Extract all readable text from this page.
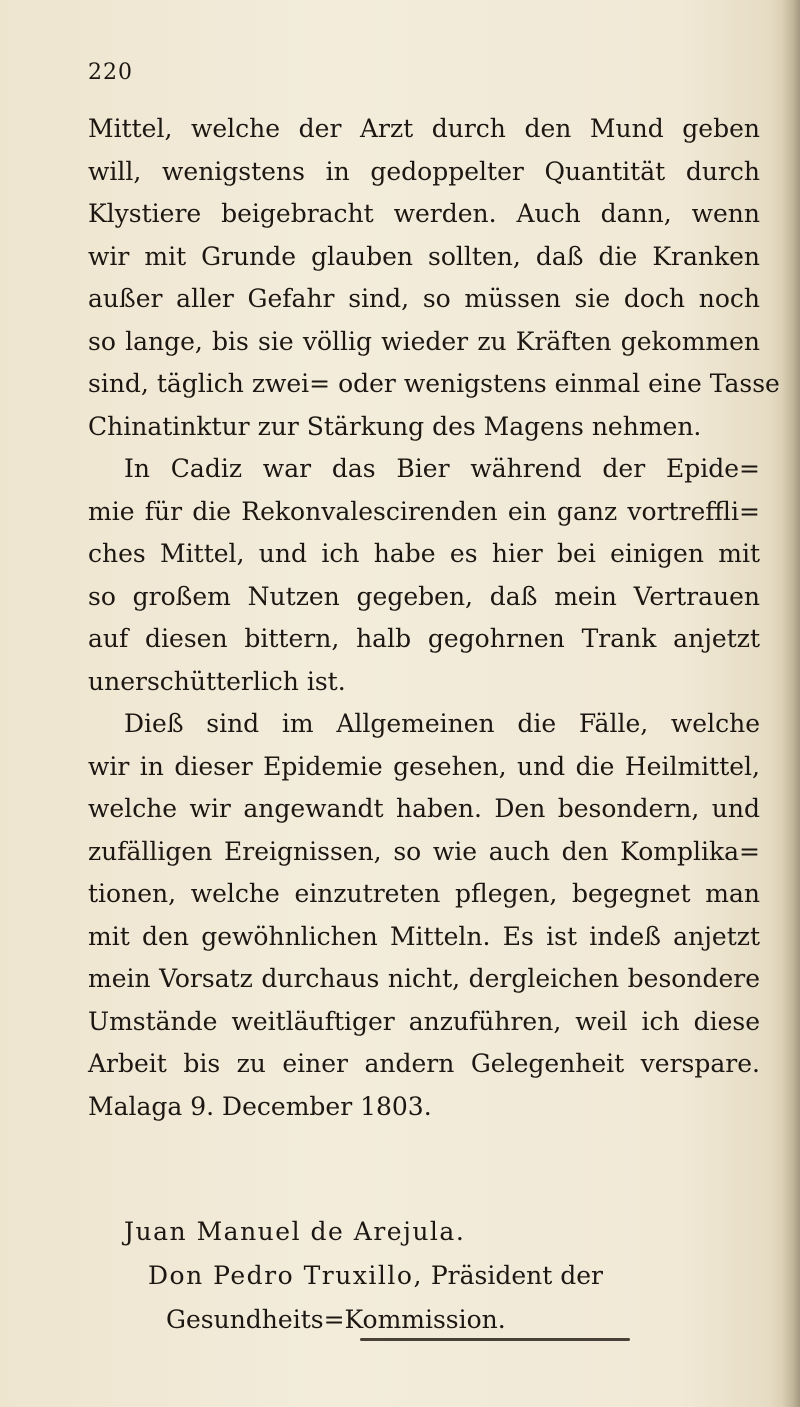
220
Mittel, welche der Arzt durch den Mund geben
will, wenigstens in gedoppelter Quantität durch
Klystiere beigebracht werden. Auch dann, wenn
wir mit Grunde glauben sollten, daß die Kranken
außer aller Gefahr sind, so müssen sie doch noch
so lange, bis sie völlig wieder zu Kräften gekommen
sind, täglich zwei= oder wenigstens einmal eine Tasse
Chinatinktur zur Stärkung des Magens nehmen.
In Cadiz war das Bier während der Epide=
mie für die Rekonvalescirenden ein ganz vortreffli=
ches Mittel, und ich habe es hier bei einigen mit
so großem Nutzen gegeben, daß mein Vertrauen
auf diesen bittern, halb gegohrnen Trank anjetzt
unerschütterlich ist.
Dieß sind im Allgemeinen die Fälle, welche
wir in dieser Epidemie gesehen, und die Heilmittel,
welche wir angewandt haben. Den besondern, und
zufälligen Ereignissen, so wie auch den Komplika=
tionen, welche einzutreten pflegen, begegnet man
mit den gewöhnlichen Mitteln. Es ist indeß anjetzt
mein Vorsatz durchaus nicht, dergleichen besondere
Umstände weitläuftiger anzuführen, weil ich diese
Arbeit bis zu einer andern Gelegenheit verspare.
Malaga 9. December 1803.
Juan Manuel de Arejula.
Don Pedro Truxillo, Präsident der
Gesundheits=Kommission.
